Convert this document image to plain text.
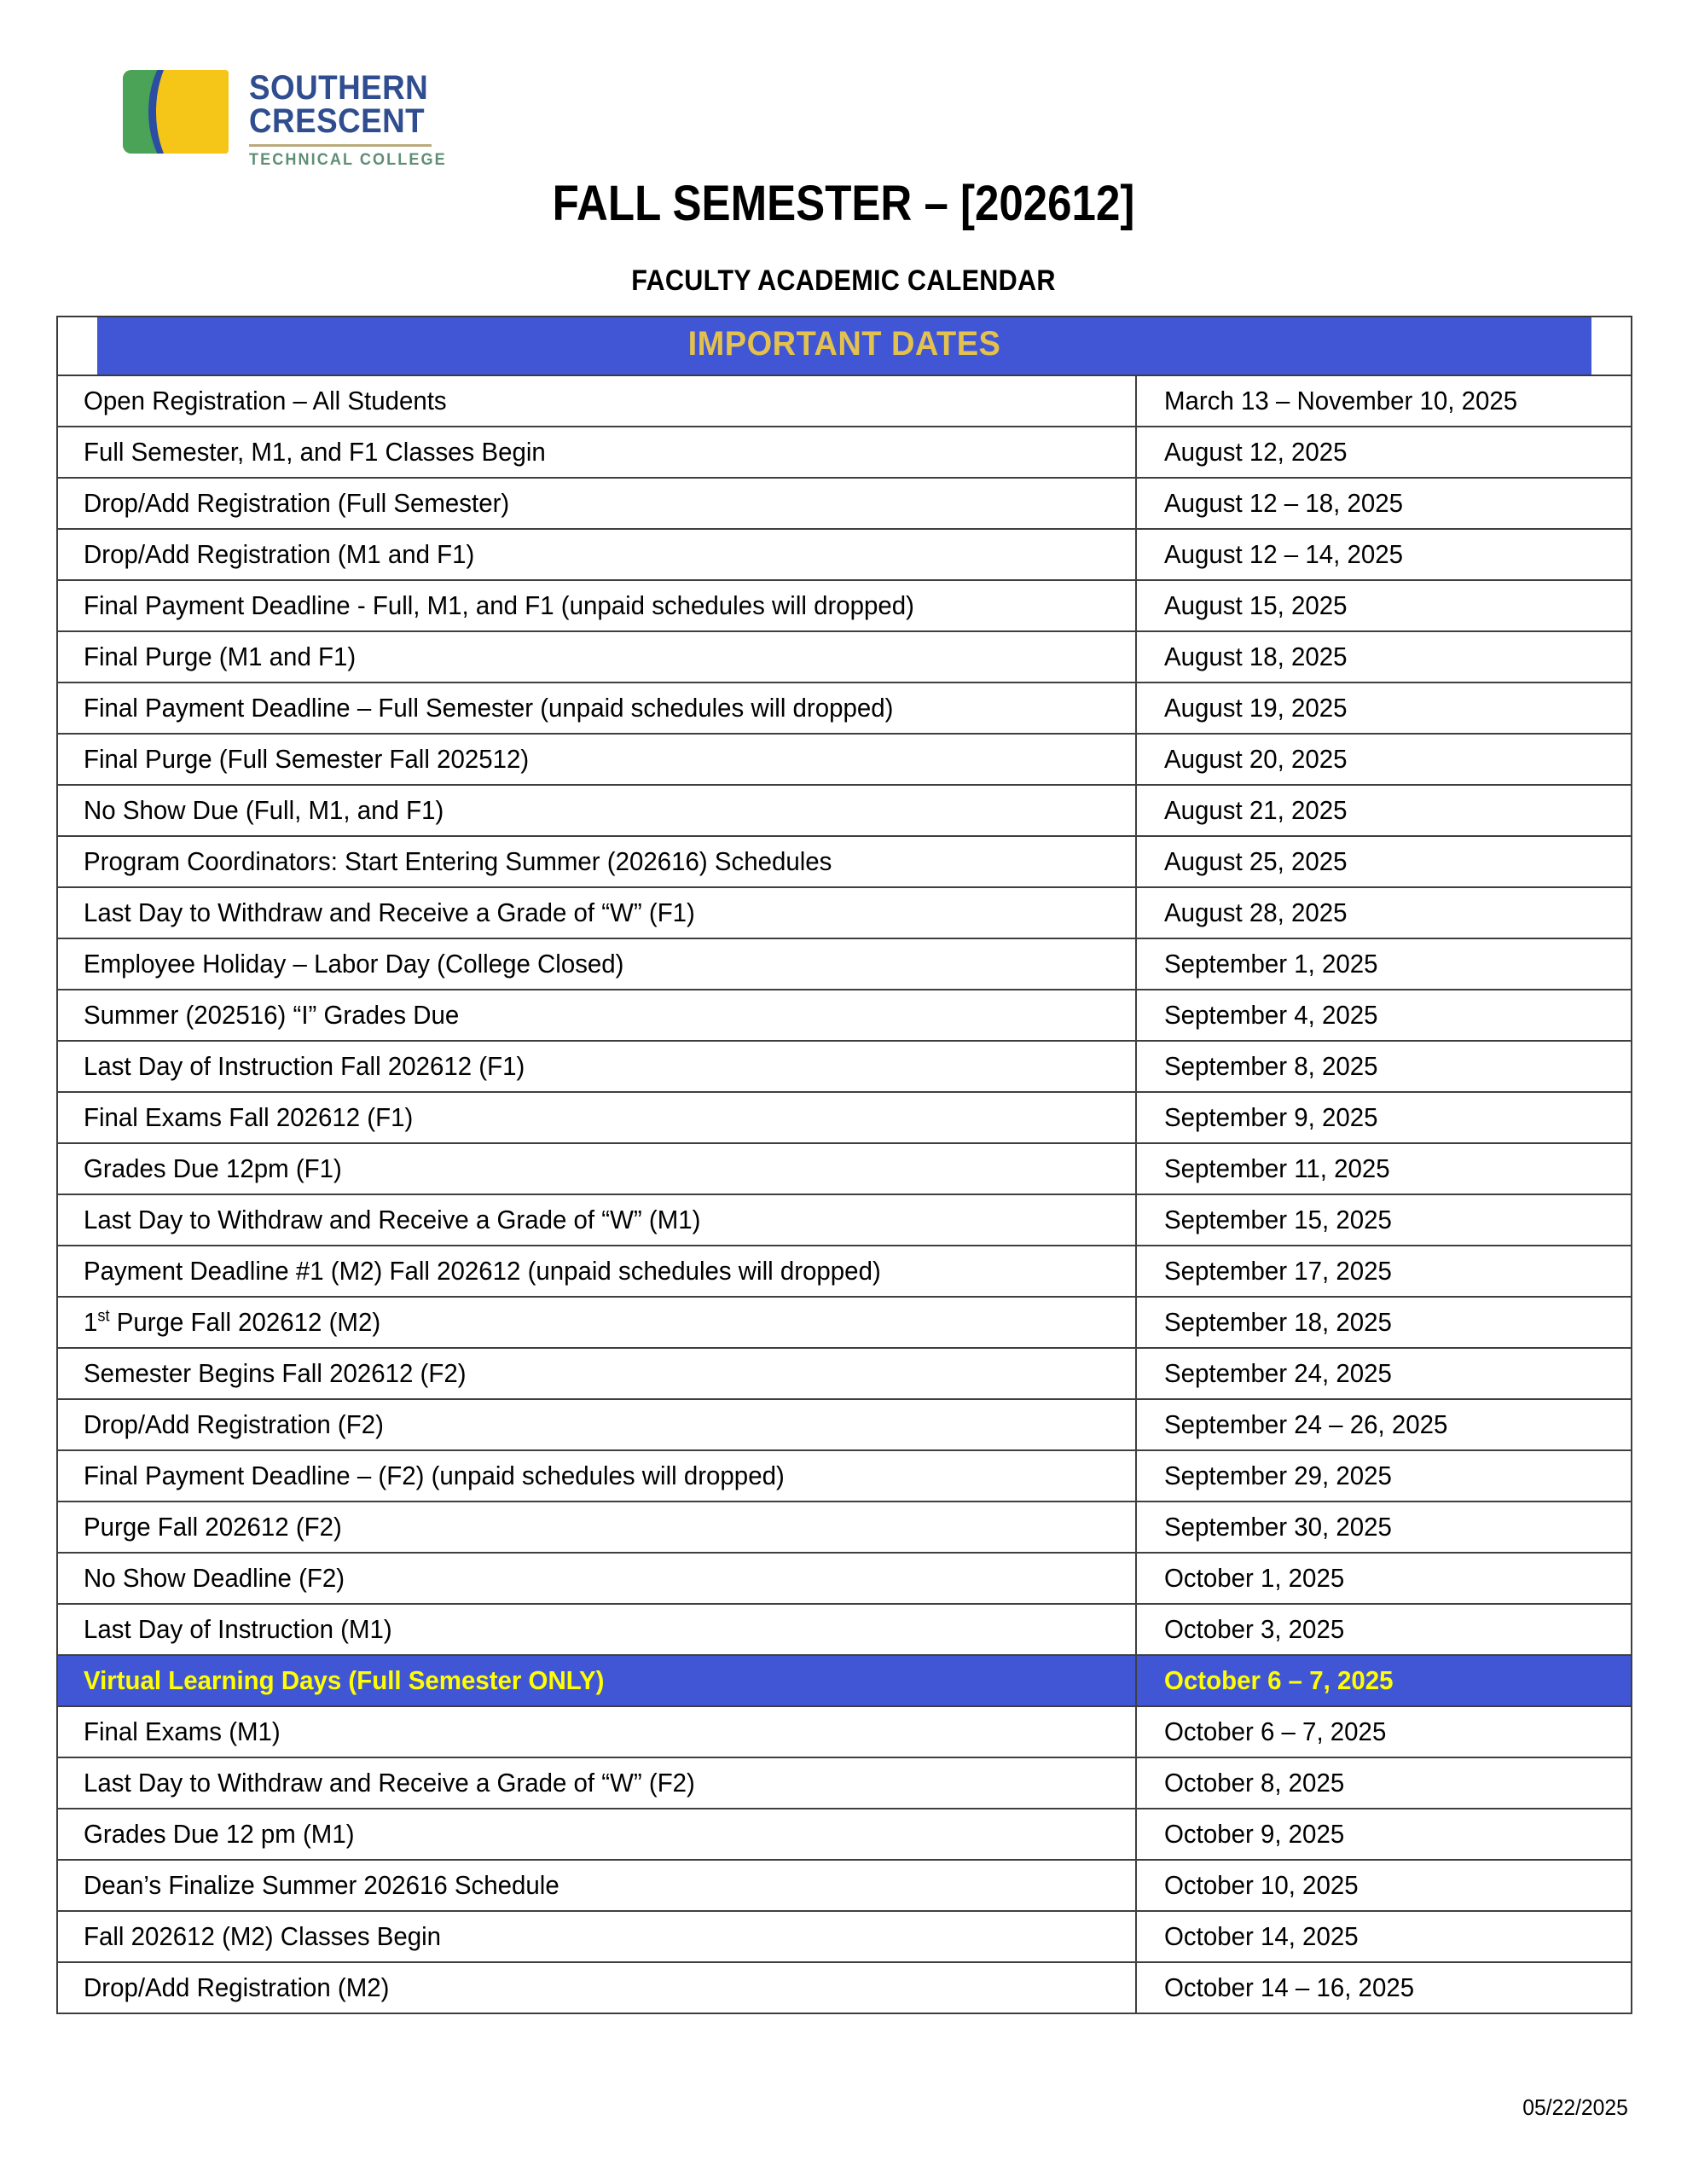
SOUTHERN
CRESCENT
TECHNICAL COLLEGE
FALL SEMESTER – [202612]
FACULTY ACADEMIC CALENDAR
IMPORTANT DATES	
Open Registration – All Students	March 13 – November 10, 2025
Full Semester, M1, and F1 Classes Begin	August 12, 2025
Drop/Add Registration (Full Semester)	August 12 – 18, 2025
Drop/Add Registration (M1 and F1)	August 12 – 14, 2025
Final Payment Deadline - Full, M1, and F1 (unpaid schedules will dropped)	August 15, 2025
Final Purge (M1 and F1)	August 18, 2025
Final Payment Deadline – Full Semester (unpaid schedules will dropped)	August 19, 2025
Final Purge (Full Semester Fall 202512)	August 20, 2025
No Show Due (Full, M1, and F1)	August 21, 2025
Program Coordinators: Start Entering Summer (202616) Schedules	August 25, 2025
Last Day to Withdraw and Receive a Grade of “W” (F1)	August 28, 2025
Employee Holiday – Labor Day (College Closed)	September 1, 2025
Summer (202516) “I” Grades Due	September 4, 2025
Last Day of Instruction Fall 202612 (F1)	September 8, 2025
Final Exams Fall 202612 (F1)	September 9, 2025
Grades Due 12pm (F1)	September 11, 2025
Last Day to Withdraw and Receive a Grade of “W” (M1)	September 15, 2025
Payment Deadline #1 (M2) Fall 202612 (unpaid schedules will dropped)	September 17, 2025
1st Purge Fall 202612 (M2)	September 18, 2025
Semester Begins Fall 202612 (F2)	September 24, 2025
Drop/Add Registration (F2)	September 24 – 26, 2025
Final Payment Deadline – (F2) (unpaid schedules will dropped)	September 29, 2025
Purge Fall 202612 (F2)	September 30, 2025
No Show Deadline (F2)	October 1, 2025
Last Day of Instruction (M1)	October 3, 2025
Virtual Learning Days (Full Semester ONLY)	October 6 – 7, 2025
Final Exams (M1)	October 6 – 7, 2025
Last Day to Withdraw and Receive a Grade of “W” (F2)	October 8, 2025
Grades Due 12 pm (M1)	October 9, 2025
Dean’s Finalize Summer 202616 Schedule	October 10, 2025
Fall 202612 (M2) Classes Begin	October 14, 2025
Drop/Add Registration (M2)	October 14 – 16, 2025
05/22/2025
